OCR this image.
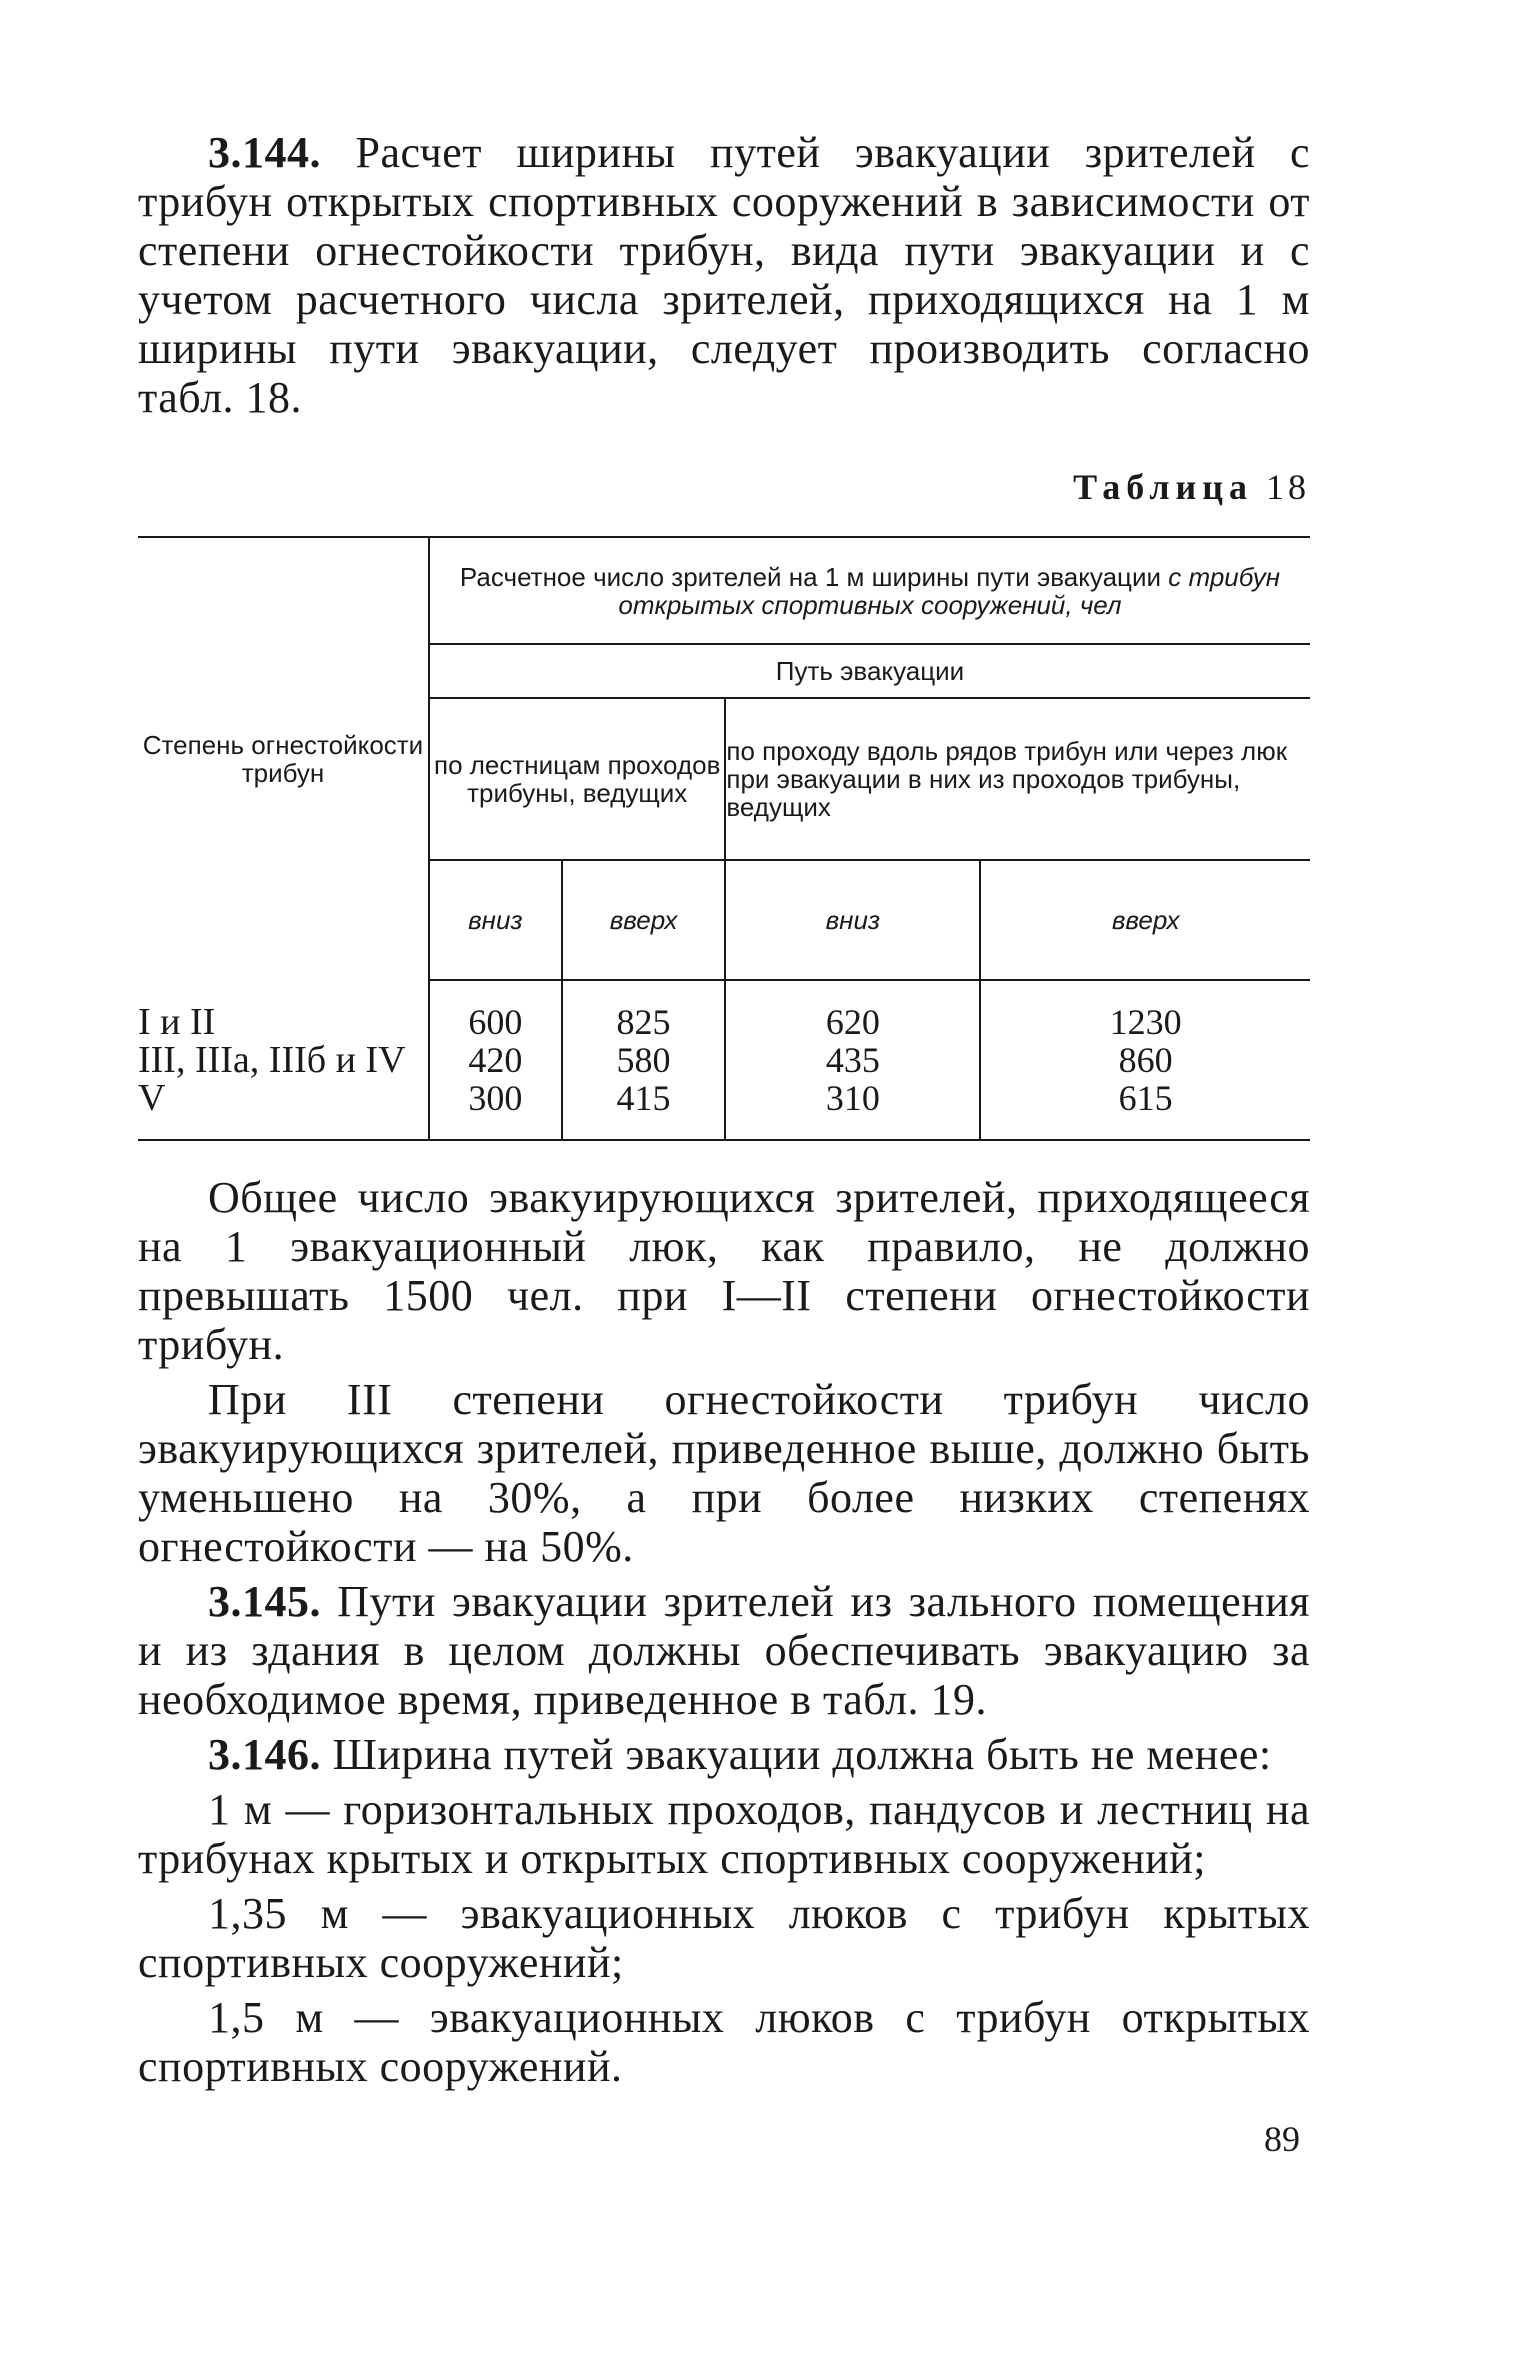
3.144. Расчет ширины путей эвакуации зрителей с трибун открытых спортивных сооружений в зависимости от степени огнестойкости трибун, вида пути эвакуации и с учетом расчетного числа зрителей, приходящихся на 1 м ширины пути эвакуации, следует производить согласно табл. 18.

Таблица 18
Степень огнестойкости трибун	Расчетное число зрителей на 1 м ширины пути эвакуации с трибун открытых спортивных сооружений, чел			
	Путь эвакуации			
	по лестницам проходов трибуны, ведущих		по проходу вдоль рядов трибун или через люк при эвакуации в них из проходов трибуны, ведущих	
	вниз	вверх	вниз	вверх
I и II	600	825	620	1230
III, IIIа, IIIб и IV	420	580	435	860
V	300	415	310	615

Общее число эвакуирующихся зрителей, приходящееся на 1 эвакуационный люк, как правило, не должно превышать 1500 чел. при I—II степени огнестойкости трибун.

При III степени огнестойкости трибун число эвакуирующихся зрителей, приведенное выше, должно быть уменьшено на 30%, а при более низких степенях огнестойкости — на 50%.

3.145. Пути эвакуации зрителей из зального помещения и из здания в целом должны обеспечивать эвакуацию за необходимое время, приведенное в табл. 19.

3.146. Ширина путей эвакуации должна быть не менее:

1 м — горизонтальных проходов, пандусов и лестниц на трибунах крытых и открытых спортивных сооружений;

1,35 м — эвакуационных люков с трибун крытых спортивных сооружений;

1,5 м — эвакуационных люков с трибун открытых спортивных сооружений.

89
